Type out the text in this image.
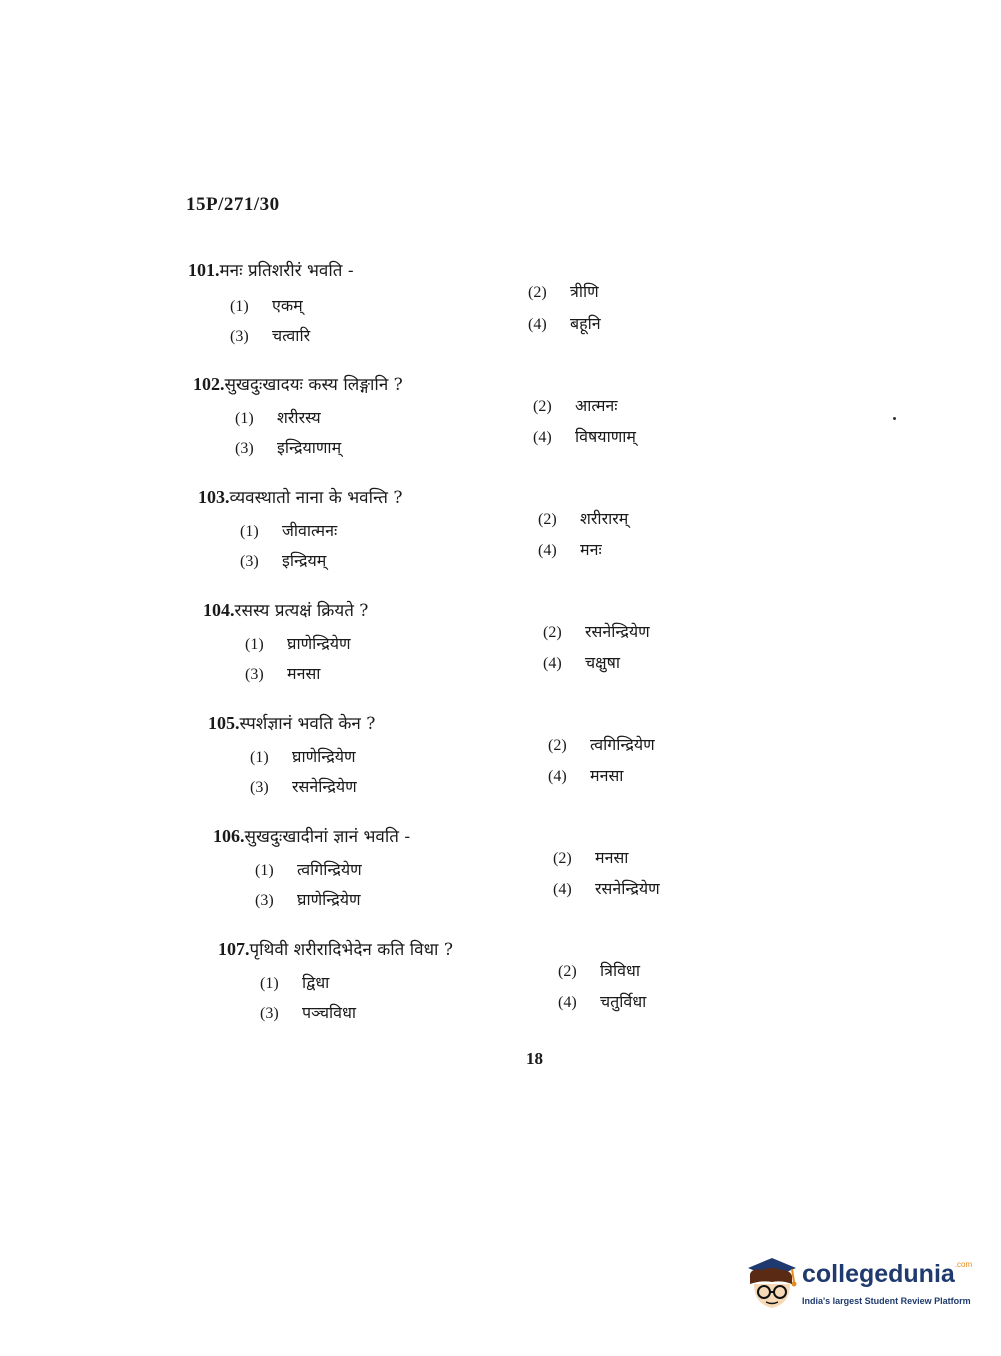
15P/271/30
101.मनः प्रतिशरीरं भवति -
(1) एकम्
(2) त्रीणि
(3) चत्वारि
(4) बहूनि
102.सुखदुःखादयः कस्य लिङ्गानि ?
(1) शरीरस्य
(2) आत्मनः
(3) इन्द्रियाणाम्
(4) विषयाणाम्
103.व्यवस्थातो नाना के भवन्ति ?
(1) जीवात्मनः
(2) शरीरारम्
(3) इन्द्रियम्
(4) मनः
104.रसस्य प्रत्यक्षं क्रियते ?
(1) घ्राणेन्द्रियेण
(2) रसनेन्द्रियेण
(3) मनसा
(4) चक्षुषा
105.स्पर्शज्ञानं भवति केन ?
(1) घ्राणेन्द्रियेण
(2) त्वगिन्द्रियेण
(3) रसनेन्द्रियेण
(4) मनसा
106.सुखदुःखादीनां ज्ञानं भवति -
(1) त्वगिन्द्रियेण
(2) मनसा
(3) घ्राणेन्द्रियेण
(4) रसनेन्द्रियेण
107.पृथिवी शरीरादिभेदेन कति विधा ?
(1) द्विधा
(2) त्रिविधा
(3) पञ्चविधा
(4) चतुर्विधा
18
collegedunia$^{.com}$
India's largest Student Review Platform
